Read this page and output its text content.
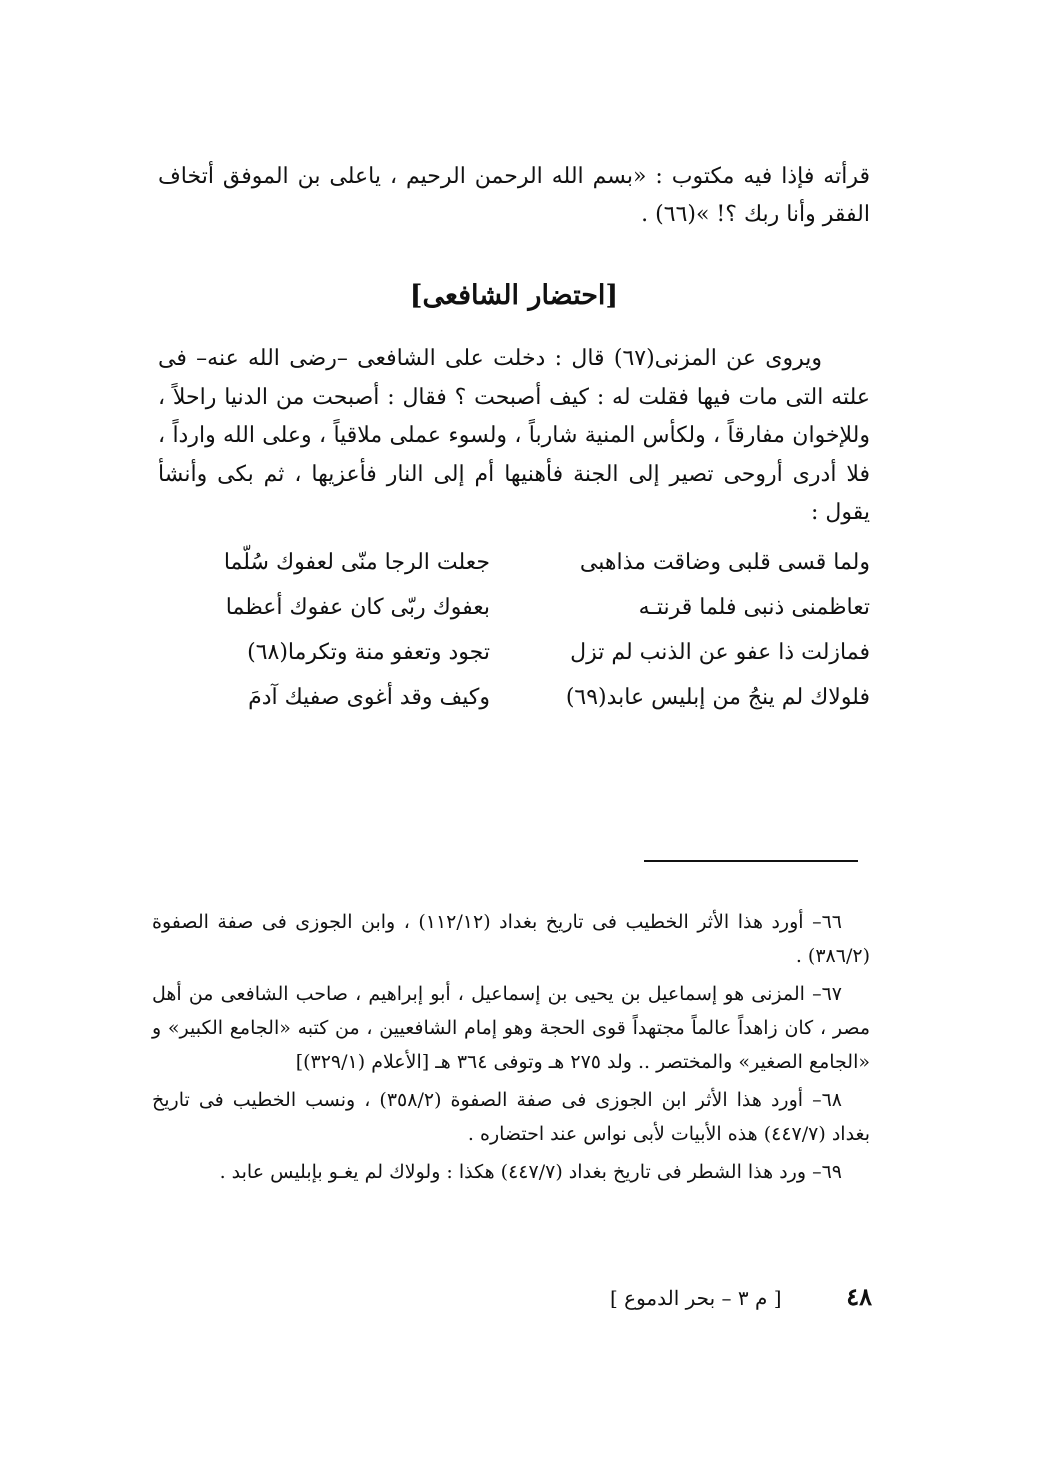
قرأته فإذا فيه مكتوب : «بسم الله الرحمن الرحيم ، ياعلى بن الموفق أتخاف الفقر وأنا ربك ؟! »(٦٦) .
[احتضار الشافعى]

ويروى عن المزنى(٦٧) قال : دخلت على الشافعى –رضى الله عنه– فى علته التى مات فيها فقلت له : كيف أصبحت ؟ فقال : أصبحت من الدنيا راحلاً ، وللإخوان مفارقاً ، ولكأس المنية شارباً ، ولسوء عملى ملاقياً ، وعلى الله وارداً ، فلا أدرى أروحى تصير إلى الجنة فأهنيها أم إلى النار فأعزيها ، ثم بكى وأنشأ يقول :

ولما قسى قلبى وضاقت مذاهبى
جعلت الرجا منّى لعفوك سُلّما
تعاظمنى ذنبى فلما قرنتـه
بعفوك ربّى كان عفوك أعظما
فمازلت ذا عفو عن الذنب لم تزل
تجود وتعفو منة وتكرما(٦٨)
فلولاك لم ينجُ من إبليس عابد(٦٩)
وكيف وقد أغوى صفيك آدمَ

٦٦– أورد هذا الأثر الخطيب فى تاريخ بغداد (١١٢/١٢) ، وابن الجوزى فى صفة الصفوة (٣٨٦/٢) .

٦٧– المزنى هو إسماعيل بن يحيى بن إسماعيل ، أبو إبراهيم ، صاحب الشافعى من أهل مصر ، كان زاهداً عالماً مجتهداً قوى الحجة وهو إمام الشافعيين ، من كتبه «الجامع الكبير» و «الجامع الصغير» والمختصر .. ولد ٢٧٥ هـ وتوفى ٣٦٤ هـ [الأعلام (٣٢٩/١)]

٦٨– أورد هذا الأثر ابن الجوزى فى صفة الصفوة (٣٥٨/٢) ، ونسب الخطيب فى تاريخ بغداد (٤٤٧/٧) هذه الأبيات لأبى نواس عند احتضاره .

٦٩– ورد هذا الشطر فى تاريخ بغداد (٤٤٧/٧) هكذا : ولولاك لم يغـو بإبليس عابد .

٤٨
[ م ٣ – بحر الدموع ]
